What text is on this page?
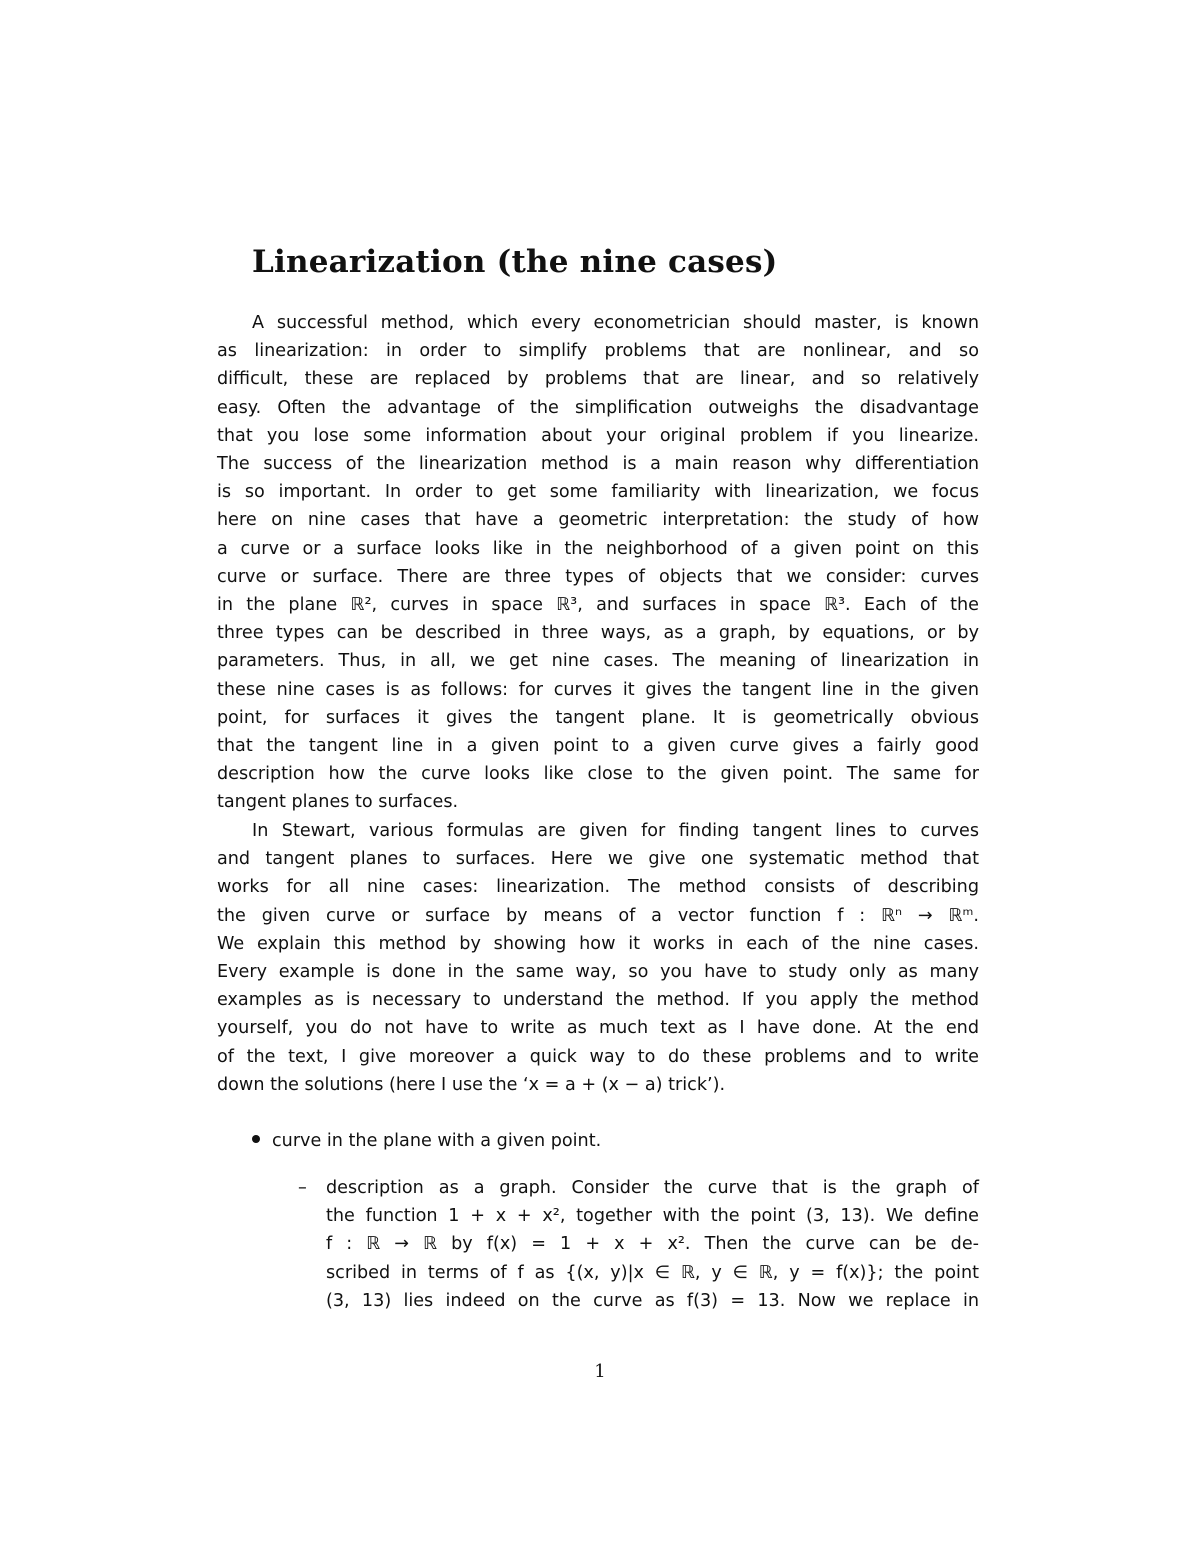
Linearization (the nine cases)

A successful method, which every econometrician should master, is known
as linearization: in order to simplify problems that are nonlinear, and so
difficult, these are replaced by problems that are linear, and so relatively
easy. Often the advantage of the simplification outweighs the disadvantage
that you lose some information about your original problem if you linearize.
The success of the linearization method is a main reason why differentiation
is so important. In order to get some familiarity with linearization, we focus
here on nine cases that have a geometric interpretation: the study of how
a curve or a surface looks like in the neighborhood of a given point on this
curve or surface. There are three types of objects that we consider: curves
in the plane ℝ², curves in space ℝ³, and surfaces in space ℝ³. Each of the
three types can be described in three ways, as a graph, by equations, or by
parameters. Thus, in all, we get nine cases. The meaning of linearization in
these nine cases is as follows: for curves it gives the tangent line in the given
point, for surfaces it gives the tangent plane. It is geometrically obvious
that the tangent line in a given point to a given curve gives a fairly good
description how the curve looks like close to the given point. The same for
tangent planes to surfaces.

In Stewart, various formulas are given for finding tangent lines to curves
and tangent planes to surfaces. Here we give one systematic method that
works for all nine cases: linearization. The method consists of describing
the given curve or surface by means of a vector function f : ℝⁿ → ℝᵐ.
We explain this method by showing how it works in each of the nine cases.
Every example is done in the same way, so you have to study only as many
examples as is necessary to understand the method. If you apply the method
yourself, you do not have to write as much text as I have done. At the end
of the text, I give moreover a quick way to do these problems and to write
down the solutions (here I use the ‘x = a + (x − a) trick’).

curve in the plane with a given point.
– description as a graph. Consider the curve that is the graph of
the function 1 + x + x², together with the point (3, 13). We define
f : ℝ → ℝ by f(x) = 1 + x + x². Then the curve can be de-
scribed in terms of f as {(x, y)|x ∈ ℝ, y ∈ ℝ, y = f(x)}; the point
(3, 13) lies indeed on the curve as f(3) = 13. Now we replace in

1
